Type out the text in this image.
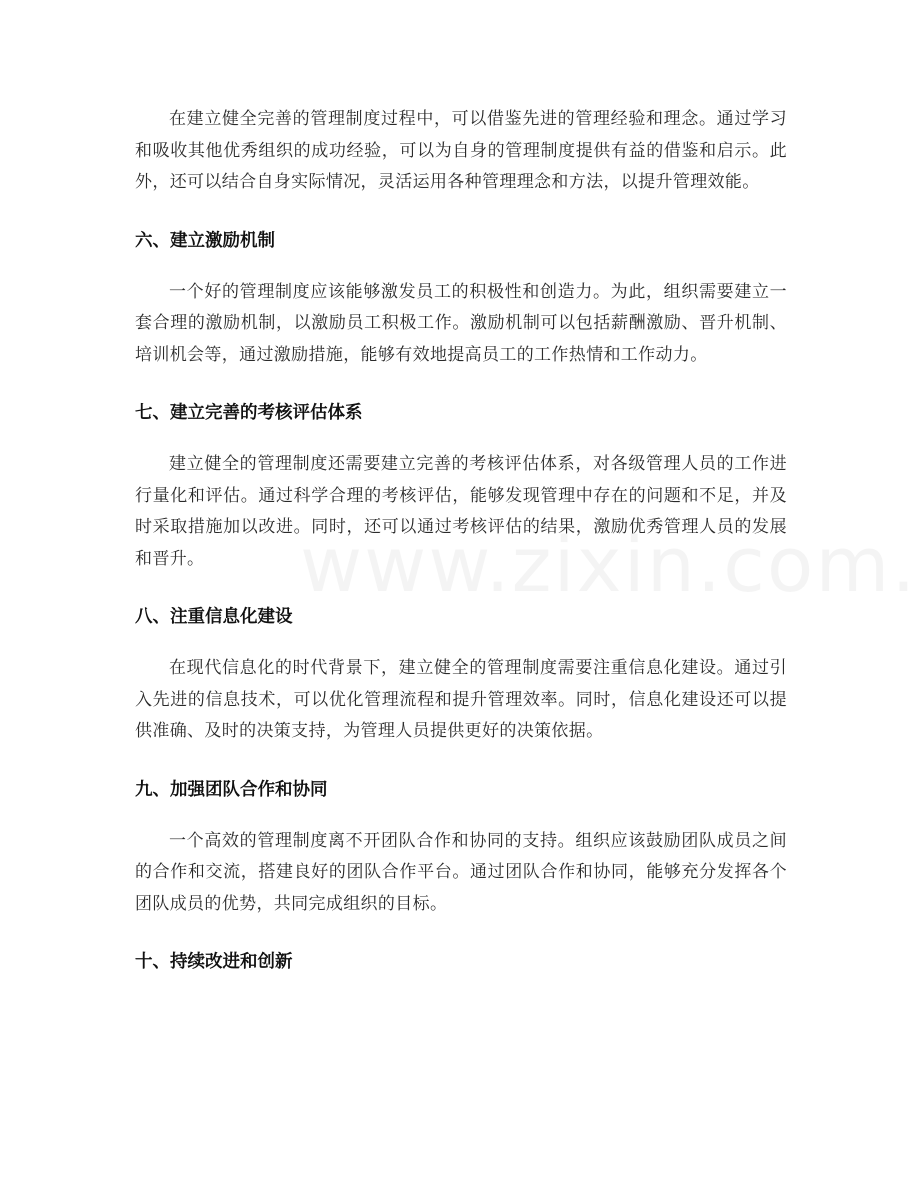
在建立健全完善的管理制度过程中，可以借鉴先进的管理经验和理念。通过学习和吸收其他优秀组织的成功经验，可以为自身的管理制度提供有益的借鉴和启示。此外，还可以结合自身实际情况，灵活运用各种管理理念和方法，以提升管理效能。

六、建立激励机制

一个好的管理制度应该能够激发员工的积极性和创造力。为此，组织需要建立一套合理的激励机制，以激励员工积极工作。激励机制可以包括薪酬激励、晋升机制、培训机会等，通过激励措施，能够有效地提高员工的工作热情和工作动力。

七、建立完善的考核评估体系

建立健全的管理制度还需要建立完善的考核评估体系，对各级管理人员的工作进行量化和评估。通过科学合理的考核评估，能够发现管理中存在的问题和不足，并及时采取措施加以改进。同时，还可以通过考核评估的结果，激励优秀管理人员的发展和晋升。

八、注重信息化建设

在现代信息化的时代背景下，建立健全的管理制度需要注重信息化建设。通过引入先进的信息技术，可以优化管理流程和提升管理效率。同时，信息化建设还可以提供准确、及时的决策支持，为管理人员提供更好的决策依据。

九、加强团队合作和协同

一个高效的管理制度离不开团队合作和协同的支持。组织应该鼓励团队成员之间的合作和交流，搭建良好的团队合作平台。通过团队合作和协同，能够充分发挥各个团队成员的优势，共同完成组织的目标。

十、持续改进和创新
